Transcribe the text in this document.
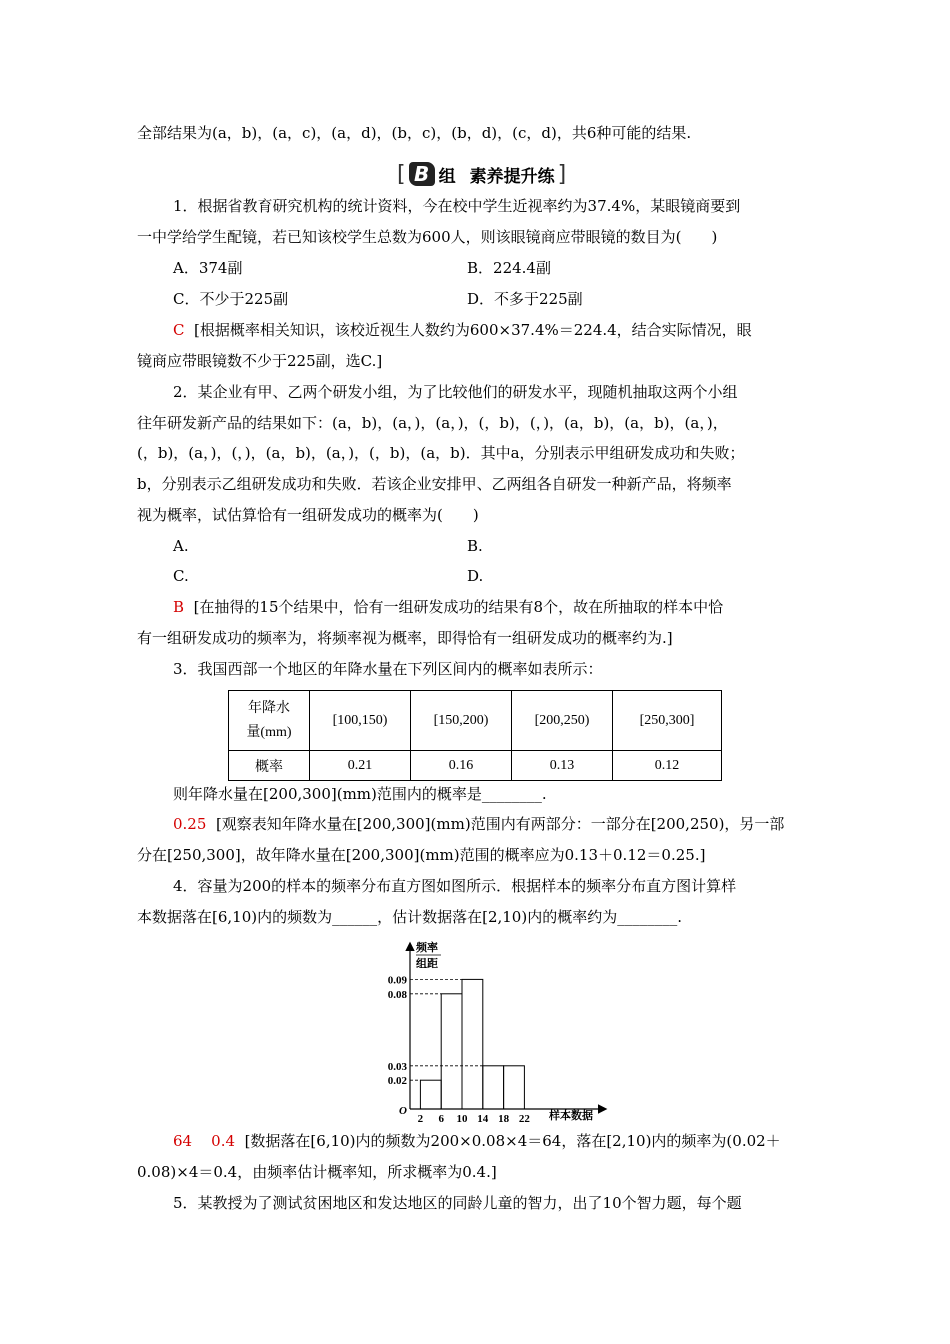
全部结果为(a，b)，(a，c)，(a，d)，(b，c)，(b，d)，(c，d)，共6种可能的结果.
[ B 组 素养提升练 ]
1．根据省教育研究机构的统计资料，今在校中学生近视率约为37.4%，某眼镜商要到
一中学给学生配镜，若已知该校学生总数为600人，则该眼镜商应带眼镜的数目为(　　)
A．374副	B．224.4副
C．不少于225副	D．不多于225副
C [根据概率相关知识，该校近视生人数约为600×37.4%＝224.4，结合实际情况，眼
镜商应带眼镜数不少于225副，选C.]
2．某企业有甲、乙两个研发小组，为了比较他们的研发水平，现随机抽取这两个小组
往年研发新产品的结果如下：(a，b)，(a，)，(a，)，(，b)，(，)，(a，b)，(a，b)，(a，)，
(，b)，(a，)，(，)，(a，b)，(a，)，(，b)，(a，b)．其中a，分别表示甲组研发成功和失败；
b，分别表示乙组研发成功和失败．若该企业安排甲、乙两组各自研发一种新产品，将频率
视为概率，试估算恰有一组研发成功的概率为(　　)
A.	B.
C.	D.
B [在抽得的15个结果中，恰有一组研发成功的结果有8个，故在所抽取的样本中恰
有一组研发成功的频率为，将频率视为概率，即得恰有一组研发成功的概率约为.]
3．我国西部一个地区的年降水量在下列区间内的概率如表所示：
年降水
量(mm)	[100,150)	[150,200)	[200,250)	[250,300]
概率	0.21	0.16	0.13	0.12
则年降水量在[200,300](mm)范围内的概率是________.
0.25 [观察表知年降水量在[200,300](mm)范围内有两部分：一部分在[200,250)，另一部
分在[250,300]，故年降水量在[200,300](mm)范围的概率应为0.13＋0.12＝0.25.]
4．容量为200的样本的频率分布直方图如图所示．根据样本的频率分布直方图计算样
本数据落在[6,10)内的频数为______，估计数据落在[2,10)内的概率约为________.
频率
组距
样本数据
O
2 6 10 14 18 22
0.02
0.03
0.08
0.09
64 0.4 [数据落在[6,10)内的频数为200×0.08×4＝64，落在[2,10)内的频率为(0.02＋
0.08)×4＝0.4，由频率估计概率知，所求概率为0.4.]
5．某教授为了测试贫困地区和发达地区的同龄儿童的智力，出了10个智力题，每个题
